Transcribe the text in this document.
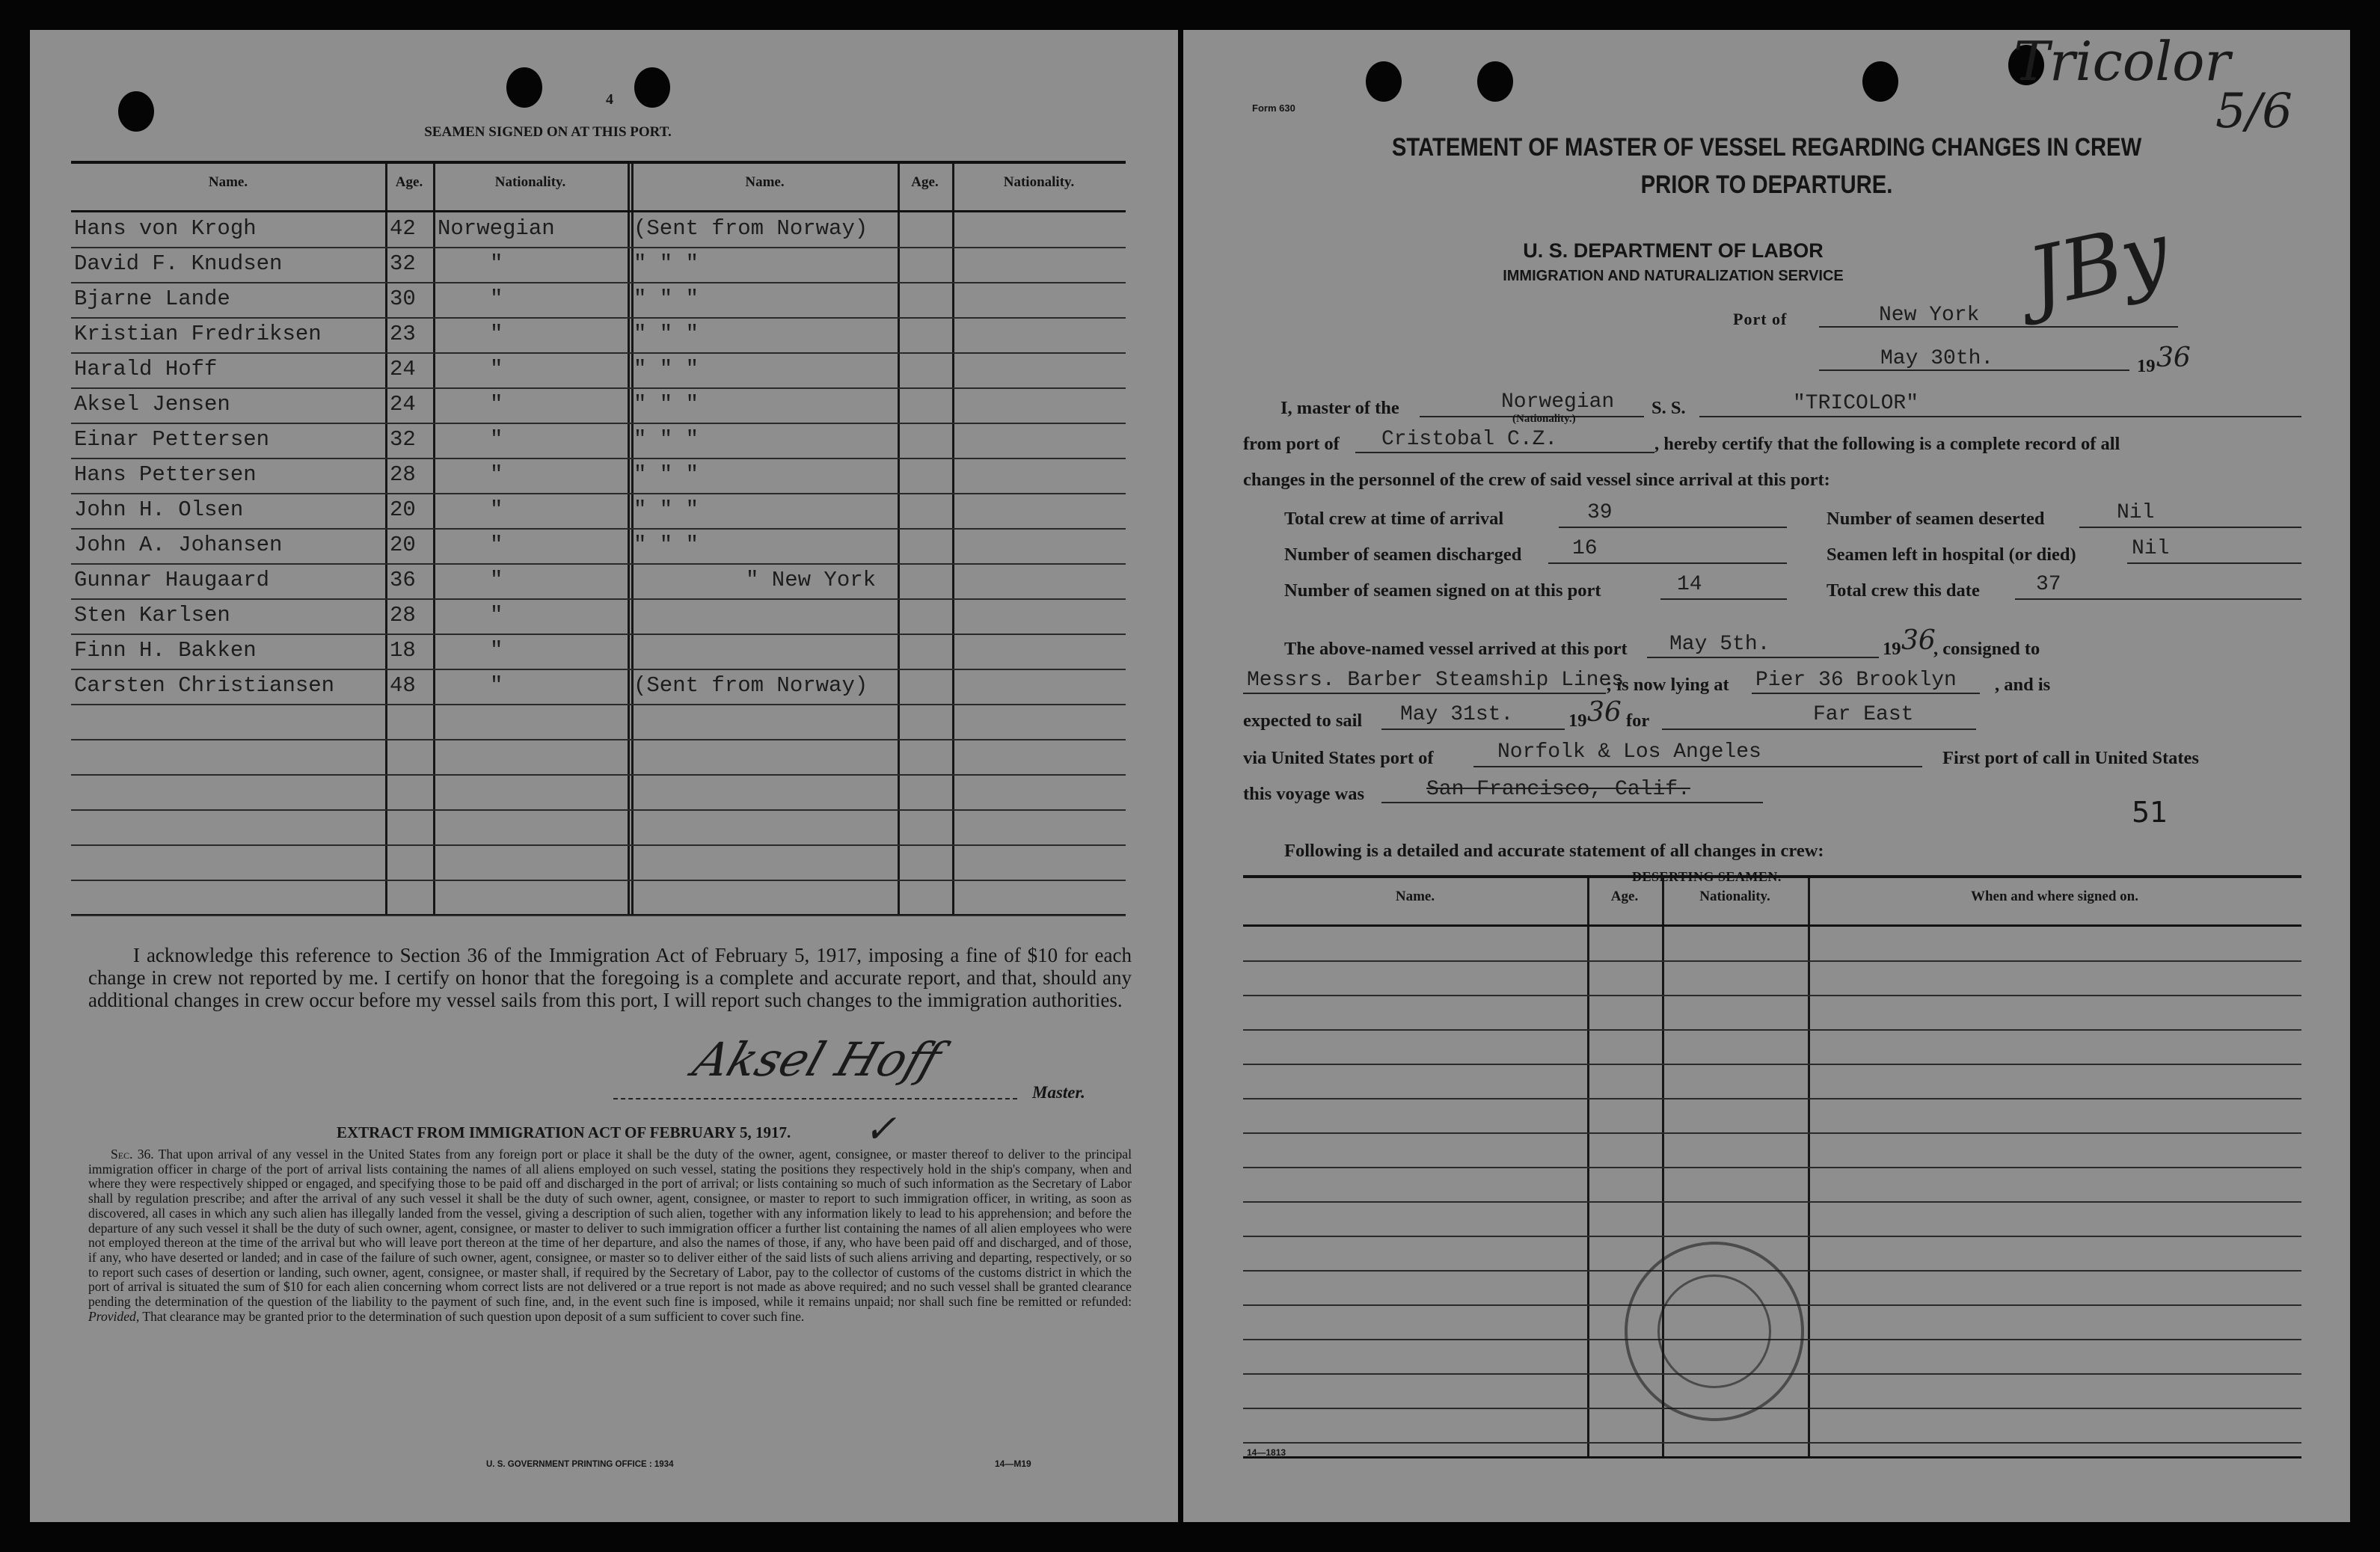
4
SEAMEN SIGNED ON AT THIS PORT.
Name.	Age.	Nationality.	Name.	Age.	Nationality.
Hans von Krogh	42 Norwegian	(Sent from Norway)
David F. Knudsen	32	"	" " "
Bjarne Lande	30	"	" " "
Kristian Fredriksen	23	"	" " "
Harald Hoff	24	"	" " "
Aksel Jensen	24	"	" " "
Einar Pettersen	32	"	" " "
Hans Pettersen	28	"	" " "
John H. Olsen	20	"	" " "
John A. Johansen	20	"	" " "
Gunnar Haugaard	36	"	" New York
Sten Karlsen	28	"
Finn H. Bakken	18	"
Carsten Christiansen	48	"	(Sent from Norway)
I acknowledge this reference to Section 36 of the Immigration Act of February 5, 1917, imposing a fine of $10 for each change in crew not reported by me. I certify on honor that the foregoing is a complete and accurate report, and that, should any additional changes in crew occur before my vessel sails from this port, I will report such changes to the immigration authorities.
Aksel Hoff
Master.
EXTRACT FROM IMMIGRATION ACT OF FEBRUARY 5, 1917. ✓
Sec. 36. That upon arrival of any vessel in the United States from any foreign port or place it shall be the duty of the owner, agent, consignee, or master thereof to deliver to the principal immigration officer in charge of the port of arrival lists containing the names of all aliens employed on such vessel, stating the positions they respectively hold in the ship's company, when and where they were respectively shipped or engaged, and specifying those to be paid off and discharged in the port of arrival; or lists containing so much of such information as the Secretary of Labor shall by regulation prescribe; and after the arrival of any such vessel it shall be the duty of such owner, agent, consignee, or master to report to such immigration officer, in writing, as soon as discovered, all cases in which any such alien has illegally landed from the vessel, giving a description of such alien, together with any information likely to lead to his apprehension; and before the departure of any such vessel it shall be the duty of such owner, agent, consignee, or master to deliver to such immigration officer a further list containing the names of all alien employees who were not employed thereon at the time of the arrival but who will leave port thereon at the time of her departure, and also the names of those, if any, who have been paid off and discharged, and of those, if any, who have deserted or landed; and in case of the failure of such owner, agent, consignee, or master so to deliver either of the said lists of such aliens arriving and departing, respectively, or so to report such cases of desertion or landing, such owner, agent, consignee, or master shall, if required by the Secretary of Labor, pay to the collector of customs of the customs district in which the port of arrival is situated the sum of $10 for each alien concerning whom correct lists are not delivered or a true report is not made as above required; and no such vessel shall be granted clearance pending the determination of the question of the liability to the payment of such fine, and, in the event such fine is imposed, while it remains unpaid; nor shall such fine be remitted or refunded: Provided, That clearance may be granted prior to the determination of such question upon deposit of a sum sufficient to cover such fine.
U. S. GOVERNMENT PRINTING OFFICE : 1934	14—M19
Form 630
Tricolor
5/6
STATEMENT OF MASTER OF VESSEL REGARDING CHANGES IN CREW
PRIOR TO DEPARTURE.
U. S. DEPARTMENT OF LABOR
IMMIGRATION AND NATURALIZATION SERVICE	JBy
Port of	New York
May 30th.	19 36
I, master of the	Norwegian
(Nationality.)
S. S.	"TRICOLOR"
from port of Cristobal C.Z.	, hereby certify that the following is a complete record of all
changes in the personnel of the crew of said vessel since arrival at this port:
Total crew at time of arrival	39	Number of seamen deserted	Nil
Number of seamen discharged 16	Seamen left in hospital (or died)	Nil
Number of seamen signed on at this port	14	Total crew this date	37
The above-named vessel arrived at this port May 5th.	19 36
, consigned to
Messrs. Barber Steamship Lines
; is now lying at Pier 36 Brooklyn , and is
expected to sail May 31st.	19 36 for	Far East
via United States port of	Norfolk & Los Angeles	First port of call in United States
this voyage was	San Francisco, Calif.
51
Following is a detailed and accurate statement of all changes in crew:
DESERTING SEAMEN.
Name.	Age.	Nationality.	When and where signed on.
14—1813
